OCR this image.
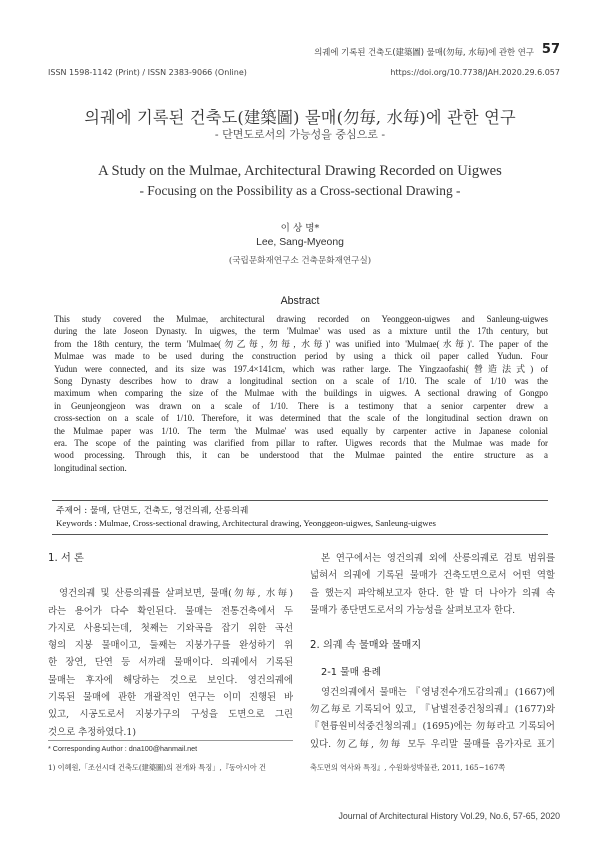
의궤에 기록된 건축도(建築圖) 물매(勿毎, 水毎)에 관한 연구 57
ISSN 1598-1142 (Print) / ISSN 2383-9066 (Online)	https://doi.org/10.7738/JAH.2020.29.6.057
의궤에 기록된 건축도(建築圖) 물매(勿毎, 水毎)에 관한 연구
- 단면도로서의 가능성을 중심으로 -
A Study on the Mulmae, Architectural Drawing Recorded on Uigwes
- Focusing on the Possibility as a Cross-sectional Drawing -
이 상 명*
Lee, Sang-Myeong
(국립문화재연구소 건축문화재연구실)
Abstract
This study covered the Mulmae, architectural drawing recorded on Yeonggeon-uigwes and Sanleung-uigwes
during the late Joseon Dynasty. In uigwes, the term 'Mulmae' was used as a mixture until the 17th century, but
from the 18th century, the term 'Mulmae(勿乙毎, 勿毎, 水毎)' was unified into 'Mulmae(水毎)'. The paper of the
Mulmae was made to be used during the construction period by using a thick oil paper called Yudun. Four
Yudun were connected, and its size was 197.4×141cm, which was rather large. The Yingzaofashi(營造法式) of
Song Dynasty describes how to draw a longitudinal section on a scale of 1/10. The scale of 1/10 was the
maximum when comparing the size of the Mulmae with the buildings in uigwes. A sectional drawing of Gongpo
in Geunjeongjeon was drawn on a scale of 1/10. There is a testimony that a senior carpenter drew a
cross-section on a scale of 1/10. Therefore, it was determined that the scale of the longitudinal section drawn on
the Mulmae paper was 1/10. The term 'the Mulmae' was used equally by carpenter active in Japanese colonial
era. The scope of the painting was clarified from pillar to rafter. Uigwes records that the Mulmae was made for
wood processing. Through this, it can be understood that the Mulmae painted the entire structure as a
longitudinal section.
주제어 : 물매, 단면도, 건축도, 영건의궤, 산릉의궤
Keywords : Mulmae, Cross-sectional drawing, Architectural drawing, Yeonggeon-uigwes, Sanleung-uigwes
1. 서 론
영건의궤 및 산릉의궤를 살펴보면, 물매(勿毎, 水毎)
라는 용어가 다수 확인된다. 물매는 전통건축에서 두
가지로 사용되는데, 첫째는 기와곡을 잡기 위한 곡선
형의 지붕 물매이고, 둘째는 지붕가구를 완성하기 위
한 장연, 단연 등 서까래 물매이다. 의궤에서 기록된
물매는 후자에 해당하는 것으로 보인다. 영건의궤에
기록된 물매에 관한 개괄적인 연구는 이미 진행된 바
있고, 시공도로서 지붕가구의 구성을 도면으로 그린
것으로 추정하였다.1)
본 연구에서는 영건의궤 외에 산릉의궤로 검토 범위를
넓혀서 의궤에 기록된 물매가 건축도면으로서 어떤 역할
을 했는지 파악해보고자 한다. 한 발 더 나아가 의궤 속
물매가 종단면도로서의 가능성을 살펴보고자 한다.
2. 의궤 속 물매와 물매지
2-1 물매 용례
영건의궤에서 물매는 『영녕전수개도감의궤』(1667)에
勿乙毎로 기록되어 있고, 『남별전중건청의궤』(1677)와
『현륭원비석중건청의궤』(1695)에는 勿毎라고 기록되어
있다. 勿乙毎, 勿毎 모두 우리말 물매를 음가자로 표기
* Corresponding Author : dna100@hanmail.net
1) 이혜원,「조선시대 건축도(建築圖)의 전개와 특징」,『동아시아 건	축도면의 역사와 특징』, 수원화성박물관, 2011, 165~167쪽
Journal of Architectural History Vol.29, No.6, 57-65, 2020
